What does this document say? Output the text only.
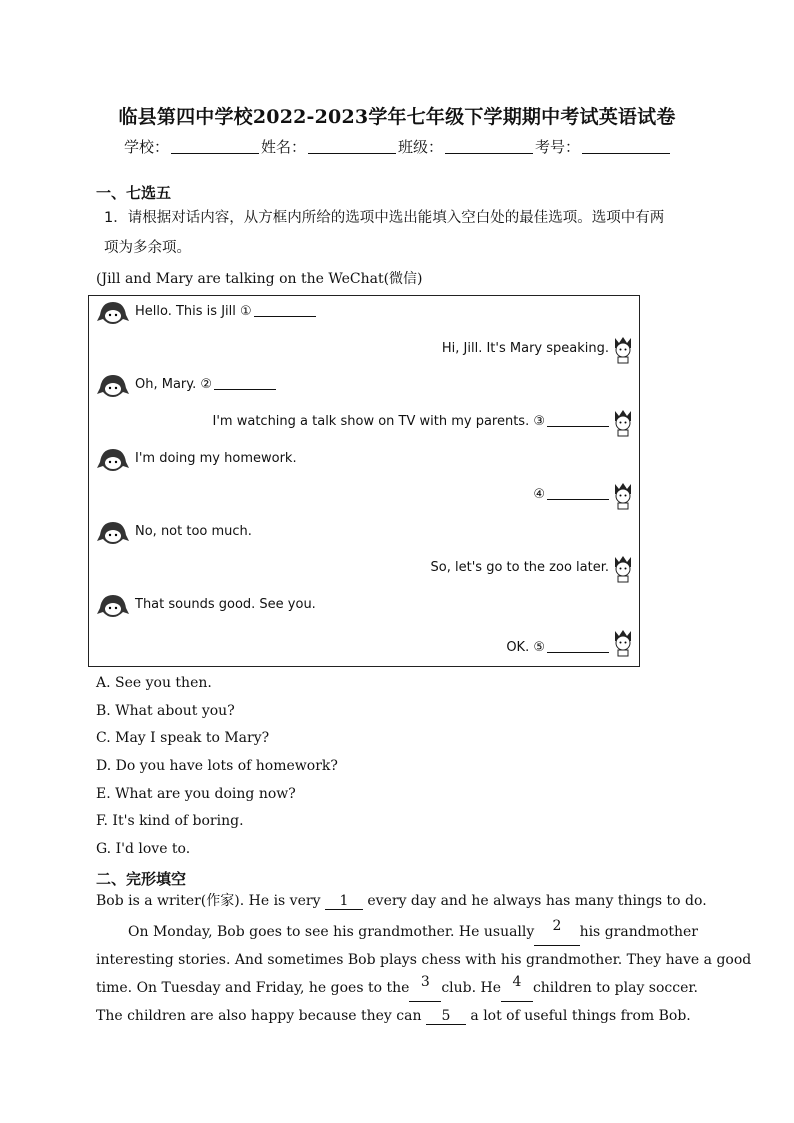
临县第四中学校2022-2023学年七年级下学期期中考试英语试卷
学校：	姓名：	班级：	考号：
一、七选五
1．请根据对话内容，从方框内所给的选项中选出能填入空白处的最佳选项。选项中有两项为多余项。
(Jill and Mary are talking on the WeChat(微信)
Hello. This is Jill ①
Hi, Jill. It's Mary speaking.
Oh, Mary. ②
I'm watching a talk show on TV with my parents. ③
I'm doing my homework.
④
No, not too much.
So, let's go to the zoo later.
That sounds good. See you.
OK. ⑤
A. See you then.
B. What about you?
C. May I speak to Mary?
D. Do you have lots of homework?
E. What are you doing now?
F. It's kind of boring.
G. I'd love to.
二、完形填空
Bob is a writer(作家). He is very 1 every day and he always has many things to do.
On Monday, Bob goes to see his grandmother. He usually	2	his grandmother
interesting stories. And sometimes Bob plays chess with his grandmother. They have a good
time. On Tuesday and Friday, he goes to the 3 club. He 4 children to play soccer.
The children are also happy because they can 5 a lot of useful things from Bob.
